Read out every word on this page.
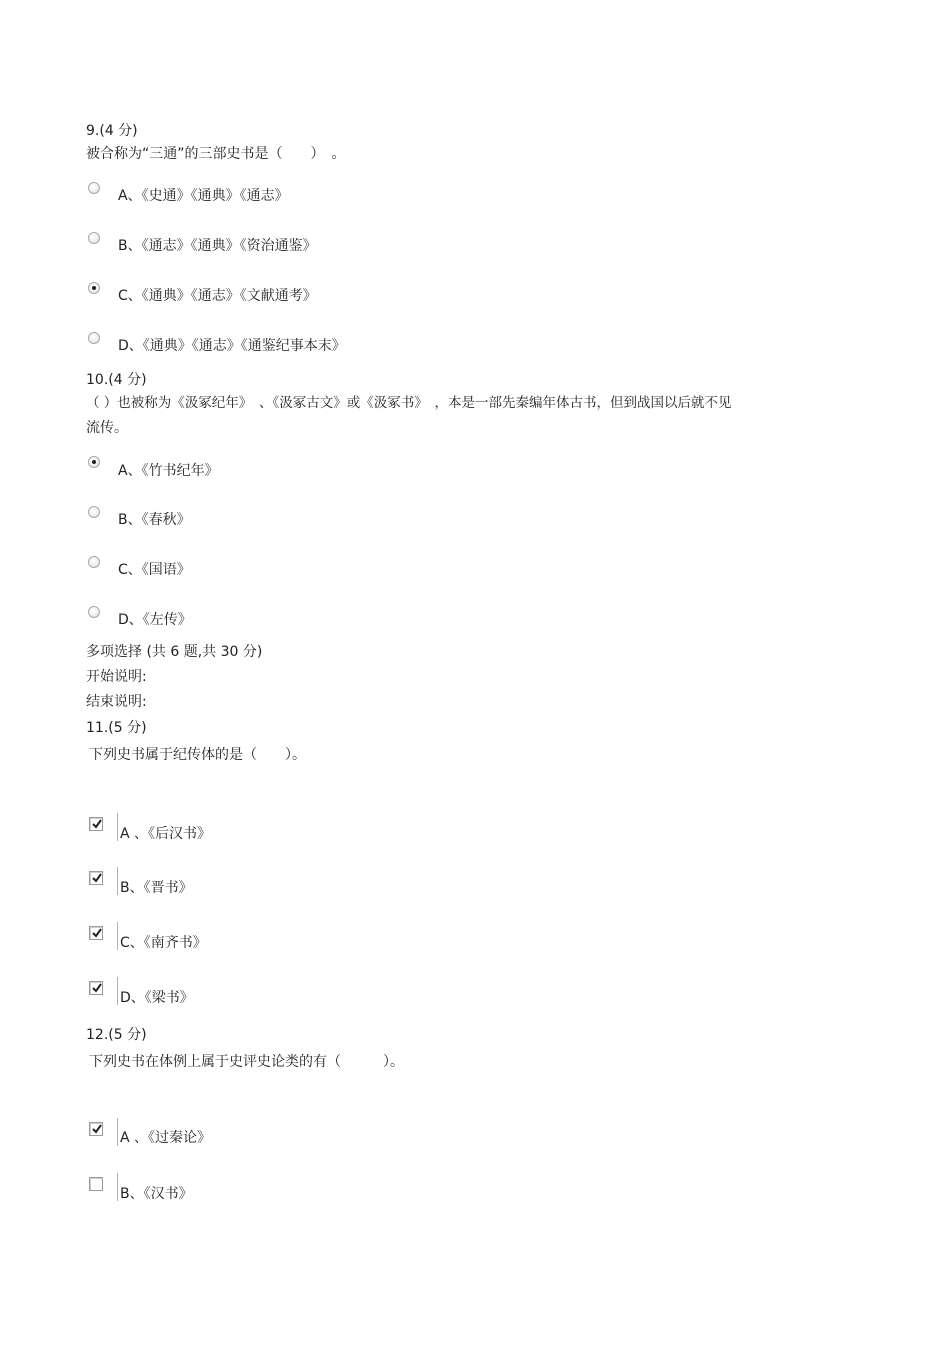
9.(4 分)
被合称为“三通”的三部史书是（　　）　。
A、《史通》《通典》《通志》
B、《通志》《通典》《资治通鉴》
C、《通典》《通志》《文献通考》
D、《通典》《通志》《通鉴纪事本末》
10.(4 分)
（ ）也被称为《汲冢纪年》　、《汲冢古文》或《汲冢书》　，本是一部先秦编年体古书，但到战国以后就不见
流传。
A、《竹书纪年》
B、《春秋》
C、《国语》
D、《左传》
多项选择 (共 6 题,共 30 分)
开始说明:
结束说明:
11.(5 分)
下列史书属于纪传体的是（　　）。
A 、《后汉书》
B、《晋书》
C、《南齐书》
D、《梁书》
12.(5 分)
下列史书在体例上属于史评史论类的有（　　　）。
A 、《过秦论》
B、《汉书》
